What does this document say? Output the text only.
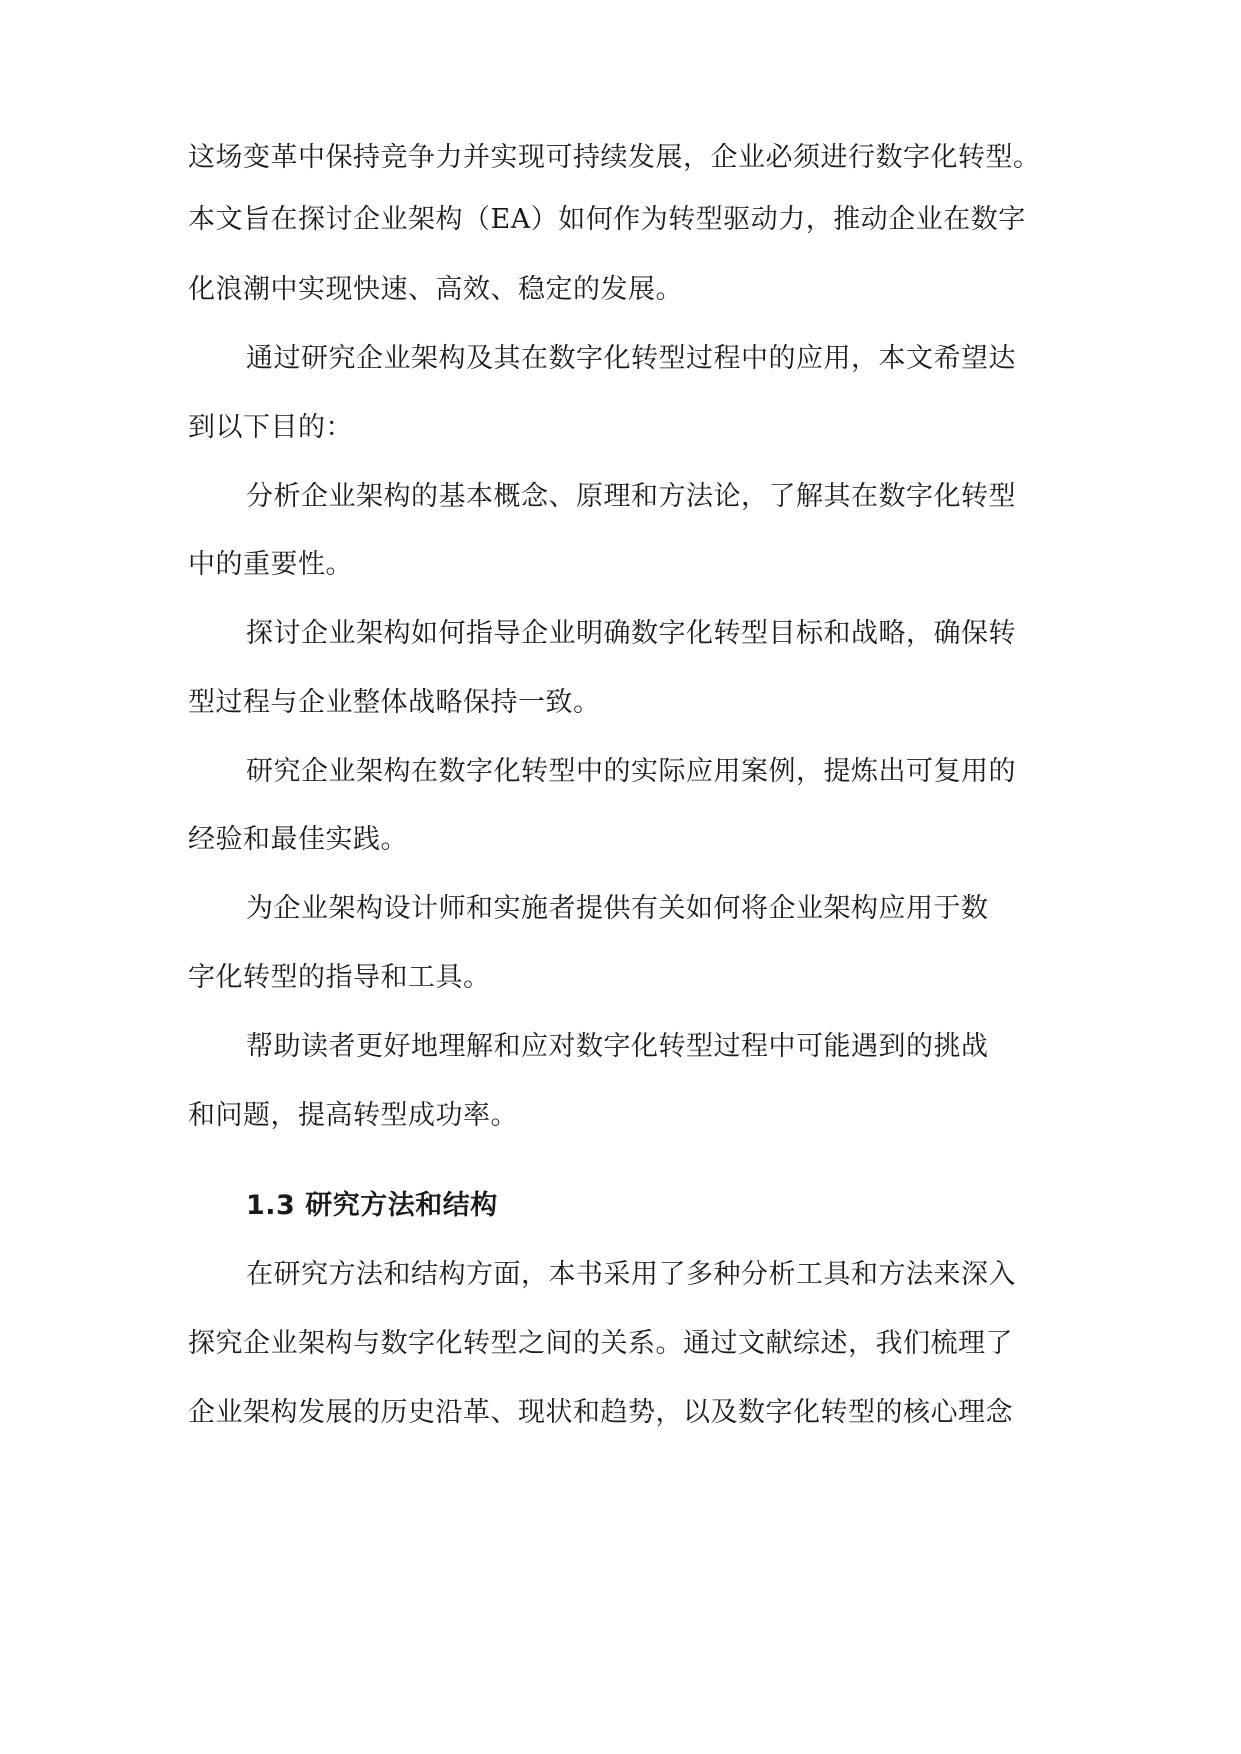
这场变革中保持竞争力并实现可持续发展，企业必须进行数字化转型。
本文旨在探讨企业架构（EA）如何作为转型驱动力，推动企业在数字
化浪潮中实现快速、高效、稳定的发展。
通过研究企业架构及其在数字化转型过程中的应用，本文希望达
到以下目的：
分析企业架构的基本概念、原理和方法论，了解其在数字化转型
中的重要性。
探讨企业架构如何指导企业明确数字化转型目标和战略，确保转
型过程与企业整体战略保持一致。
研究企业架构在数字化转型中的实际应用案例，提炼出可复用的
经验和最佳实践。
为企业架构设计师和实施者提供有关如何将企业架构应用于数
字化转型的指导和工具。
帮助读者更好地理解和应对数字化转型过程中可能遇到的挑战
和问题，提高转型成功率。
1.3 研究方法和结构
在研究方法和结构方面，本书采用了多种分析工具和方法来深入
探究企业架构与数字化转型之间的关系。通过文献综述，我们梳理了
企业架构发展的历史沿革、现状和趋势，以及数字化转型的核心理念
